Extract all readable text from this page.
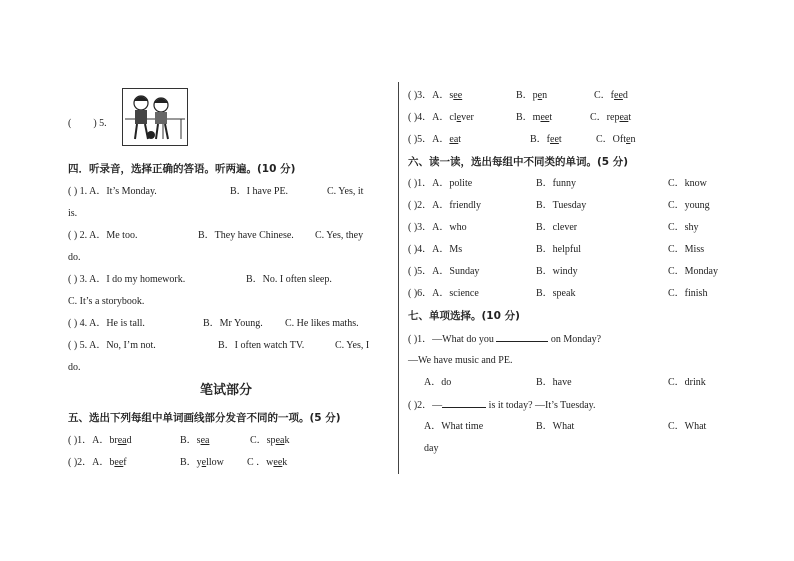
( ) 5.
四．听录音，选择正确的答语。听两遍。(10 分)
( ) 1. A．It’s Monday.	B．I have PE.	C. Yes, it
is.
( ) 2. A．Me too.	B．They have Chinese. C. Yes, they
do.
( ) 3. A．I do my homework.	B．No. I often sleep.
C. It’s a storybook.
( ) 4. A．He is tall.	B．Mr Young. C. He likes maths.
( ) 5. A．No, I’m not.	B．I often watch TV.	C. Yes, I
do.
笔试部分
五、选出下列每组中单词画线部分发音不同的一项。(5 分)
( )1．A．bread	B．sea	C．speak
( )2．A．beef	B．yellow C ．week
( )3．A．see	B．pen	C．feed
( )4．A．clever	B．meet	C．repeat
( )5．A．eat	B．feet	C．Often
六、读一读，选出每组中不同类的单词。(5 分)
( )1．A．polite	B．funny	C．know
( )2．A．friendly	B．Tuesday	C．young
( )3．A．who	B．clever	C．shy
( )4．A．Ms	B．helpful	C．Miss
( )5．A．Sunday	B．windy	C．Monday
( )6．A．science	B．speak	C．finish
七、单项选择。(10 分)
( )1．—What do you	on Monday?
—We have music and PE.
A．do	B．have	C．drink
( )2．—	is it today? —It’s Tuesday.
A．What time	B．What	C．What
day
